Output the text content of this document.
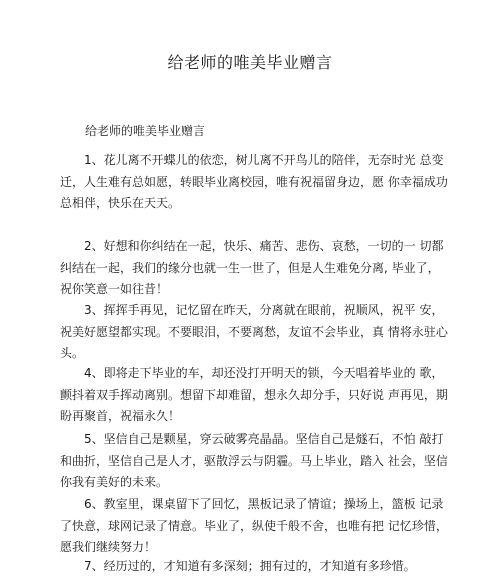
给老师的唯美毕业赠言
给老师的唯美毕业赠言

1、花儿离不开蝶儿的依恋，树儿离不开鸟儿的陪伴，无奈时光 总变迁，人生难有总如愿，转眼毕业离校园，唯有祝福留身边，愿 你幸福成功总相伴，快乐在天天。

2、好想和你纠结在一起，快乐、痛苦、悲伤、哀愁，一切的一 切都纠结在一起，我们的缘分也就一生一世了，但是人生难免分离, 毕业了，祝你笑意一如往昔！

3、挥挥手再见，记忆留在昨天，分离就在眼前，祝顺风，祝平 安，祝美好愿望都实现。不要眼泪，不要离愁，友谊不会毕业，真 情将永驻心头。

4、即将走下毕业的车，却还没打开明天的锁，今天唱着毕业的 歌，颤抖着双手挥动离别。想留下却难留，想永久却分手，只好说 声再见，期盼再聚首，祝福永久！

5、坚信自己是颗星，穿云破雾亮晶晶。坚信自己是燧石，不怕 敲打和曲折，坚信自己是人才，驱散浮云与阴霾。马上毕业，踏入 社会，坚信你我有美好的未来。

6、教室里，课桌留下了回忆，黑板记录了情谊；操场上，篮板 记录了快意，球网记录了情意。毕业了，纵使千般不舍，也唯有把 记忆珍惜，愿我们继续努力！

7、经历过的，才知道有多深刻；拥有过的，才知道有多珍惜。
